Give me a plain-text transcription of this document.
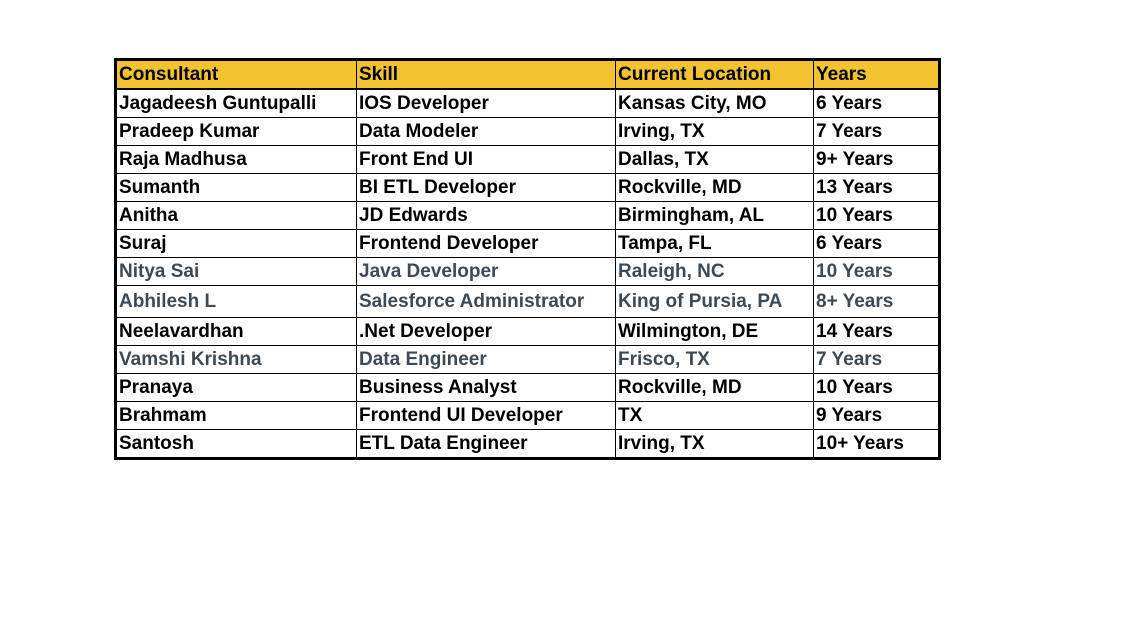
Consultant	Skill	Current Location	Years
Jagadeesh Guntupalli	IOS Developer	Kansas City, MO	6 Years
Pradeep Kumar	Data Modeler	Irving, TX	7 Years
Raja Madhusa	Front End UI	Dallas, TX	9+ Years
Sumanth	BI ETL Developer	Rockville, MD	13 Years
Anitha	JD Edwards	Birmingham, AL	10 Years
Suraj	Frontend Developer	Tampa, FL	6 Years
Nitya Sai	Java Developer	Raleigh, NC	10 Years
Abhilesh L	Salesforce Administrator	King of Pursia, PA	8+ Years
Neelavardhan	.Net Developer	Wilmington, DE	14 Years
Vamshi Krishna	Data Engineer	Frisco, TX	7 Years
Pranaya	Business Analyst	Rockville, MD	10 Years
Brahmam	Frontend UI Developer	TX	9 Years
Santosh	ETL Data Engineer	Irving, TX	10+ Years
